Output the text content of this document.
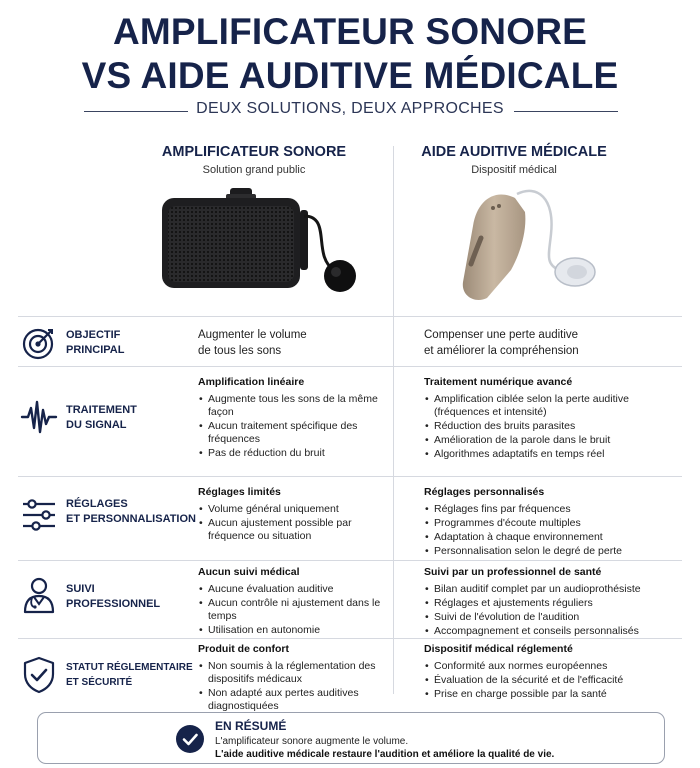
AMPLIFICATEUR SONORE
VS AIDE AUDITIVE MÉDICALE
DEUX SOLUTIONS, DEUX APPROCHES
AMPLIFICATEUR SONORE
Solution grand public
AIDE AUDITIVE MÉDICALE
Dispositif médical
OBJECTIF
PRINCIPAL
Augmenter le volume
de tous les sons
Compenser une perte auditive
et améliorer la compréhension
TRAITEMENT
DU SIGNAL
Amplification linéaire
• Augmente tous les sons de la même façon
• Aucun traitement spécifique des fréquences
• Pas de réduction du bruit
Traitement numérique avancé
• Amplification ciblée selon la perte auditive (fréquences et intensité)
• Réduction des bruits parasites
• Amélioration de la parole dans le bruit
• Algorithmes adaptatifs en temps réel
RÉGLAGES
ET PERSONNALISATION
Réglages limités
• Volume général uniquement
• Aucun ajustement possible par fréquence ou situation
Réglages personnalisés
• Réglages fins par fréquences
• Programmes d'écoute multiples
• Adaptation à chaque environnement
• Personnalisation selon le degré de perte
SUIVI
PROFESSIONNEL
Aucun suivi médical
• Aucune évaluation auditive
• Aucun contrôle ni ajustement dans le temps
• Utilisation en autonomie
Suivi par un professionnel de santé
• Bilan auditif complet par un audioprothésiste
• Réglages et ajustements réguliers
• Suivi de l'évolution de l'audition
• Accompagnement et conseils personnalisés
STATUT RÉGLEMENTAIRE
ET SÉCURITÉ
Produit de confort
• Non soumis à la réglementation des dispositifs médicaux
• Non adapté aux pertes auditives diagnostiquées
Dispositif médical réglementé
• Conformité aux normes européennes
• Évaluation de la sécurité et de l'efficacité
• Prise en charge possible par la santé
EN RÉSUMÉ
L'amplificateur sonore augmente le volume.
L'aide auditive médicale restaure l'audition et améliore la qualité de vie.
